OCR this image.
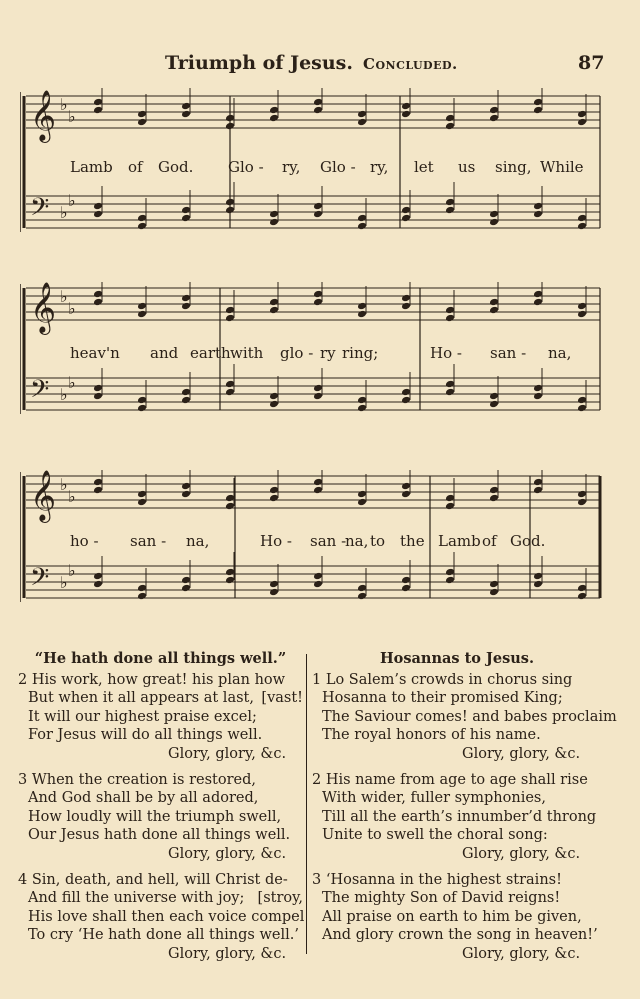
Triumph of Jesus. Concluded.	87
𝄞 ♭
♭
𝄢 ♭
♭
Lamb of God. Glo - ry, Glo - ry, let us sing, While
𝄞 ♭
♭
𝄢 ♭
♭
heav'n and earth with glo - ry ring;	Ho - san - na,
𝄞 ♭
♭
𝄢 ♭
♭
ho - san - na,	Ho - san -
na, to the Lamb of God.
“He hath done all things well.”
2 His work, how great! his plan how
But when it all appears at last, [vast!
It will our highest praise excel;
For Jesus will do all things well.
Glory, glory, &c.
3 When the creation is restored,
And God shall be by all adored,
How loudly will the triumph swell,
Our Jesus hath done all things well.
Glory, glory, &c.
4 Sin, death, and hell, will Christ de-
And fill the universe with joy; [stroy,
His love shall then each voice compel
To cry ‘He hath done all things well.’
Glory, glory, &c.
Hosannas to Jesus.
1 Lo Salem’s crowds in chorus sing
Hosanna to their promised King;
The Saviour comes! and babes proclaim
The royal honors of his name.
Glory, glory, &c.
2 His name from age to age shall rise
With wider, fuller symphonies,
Till all the earth’s innumber’d throng
Unite to swell the choral song:
Glory, glory, &c.
3 ‘Hosanna in the highest strains!
The mighty Son of David reigns!
All praise on earth to him be given,
And glory crown the song in heaven!’
Glory, glory, &c.
